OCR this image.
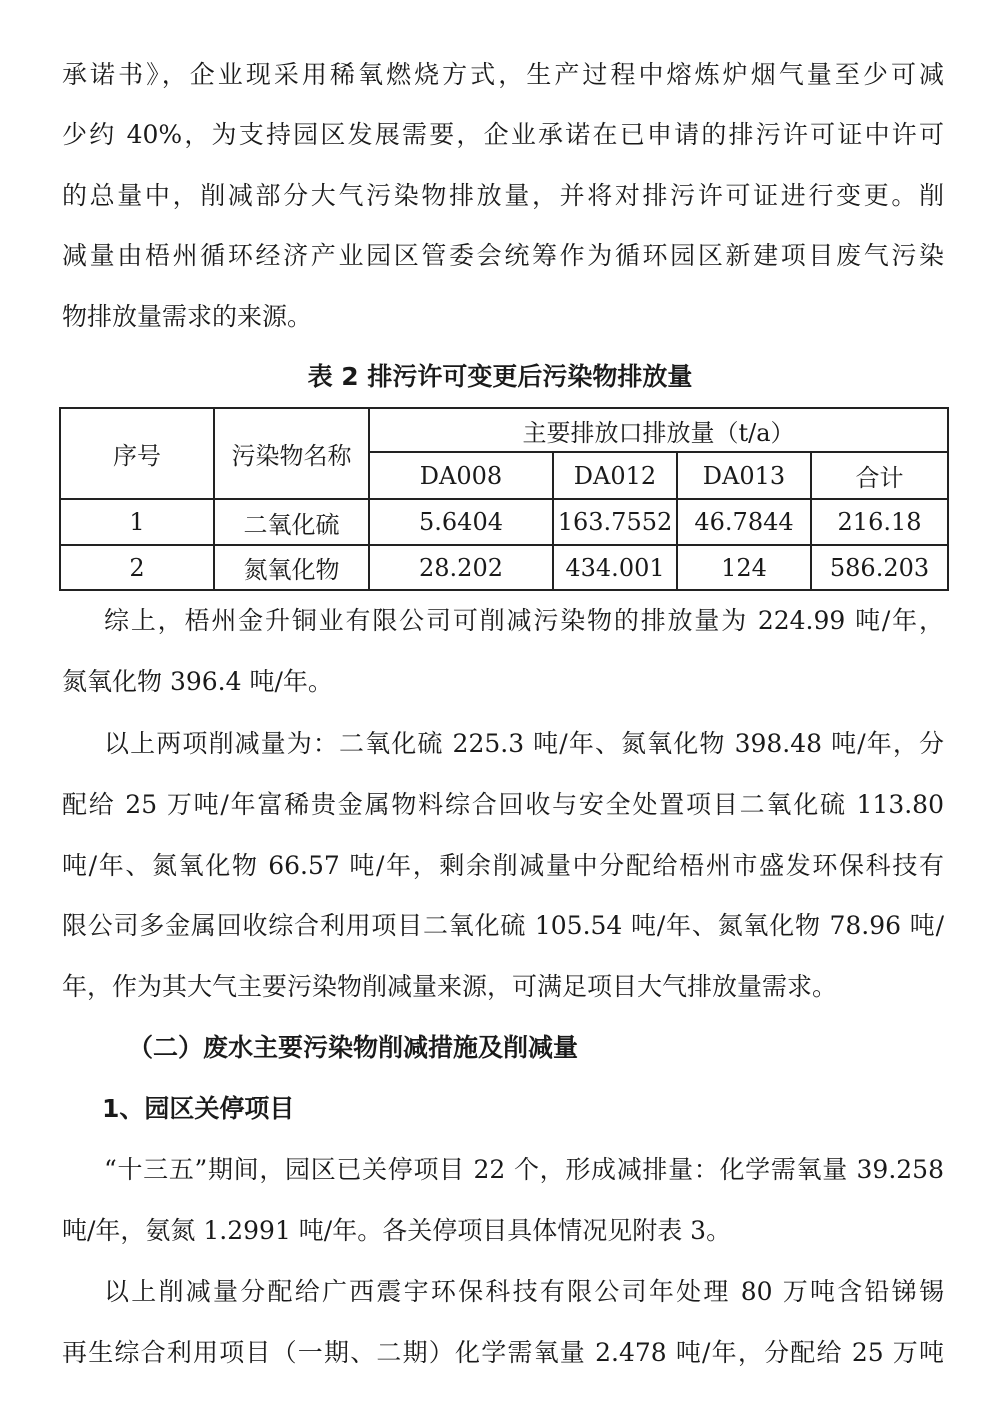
承诺书》，企业现采用稀氧燃烧方式，生产过程中熔炼炉烟气量至少可减
少约 40%，为支持园区发展需要，企业承诺在已申请的排污许可证中许可
的总量中，削减部分大气污染物排放量，并将对排污许可证进行变更。削
减量由梧州循环经济产业园区管委会统筹作为循环园区新建项目废气污染
物排放量需求的来源。
表 2 排污许可变更后污染物排放量
序号	污染物名称	主要排放口排放量（t/a）			
		DA008	DA012	DA013	合计
1	二氧化硫	5.6404	163.7552	46.7844	216.18
2	氮氧化物	28.202	434.001	124	586.203
综上，梧州金升铜业有限公司可削减污染物的排放量为 224.99 吨/年，
氮氧化物 396.4 吨/年。
以上两项削减量为：二氧化硫 225.3 吨/年、氮氧化物 398.48 吨/年，分
配给 25 万吨/年富稀贵金属物料综合回收与安全处置项目二氧化硫 113.80
吨/年、氮氧化物 66.57 吨/年，剩余削减量中分配给梧州市盛发环保科技有
限公司多金属回收综合利用项目二氧化硫 105.54 吨/年、氮氧化物 78.96 吨/
年，作为其大气主要污染物削减量来源，可满足项目大气排放量需求。
（二）废水主要污染物削减措施及削减量
1、园区关停项目
“十三五”期间，园区已关停项目 22 个，形成减排量：化学需氧量 39.258
吨/年，氨氮 1.2991 吨/年。各关停项目具体情况见附表 3。
以上削减量分配给广西震宇环保科技有限公司年处理 80 万吨含铅锑锡
再生综合利用项目（一期、二期）化学需氧量 2.478 吨/年，分配给 25 万吨
